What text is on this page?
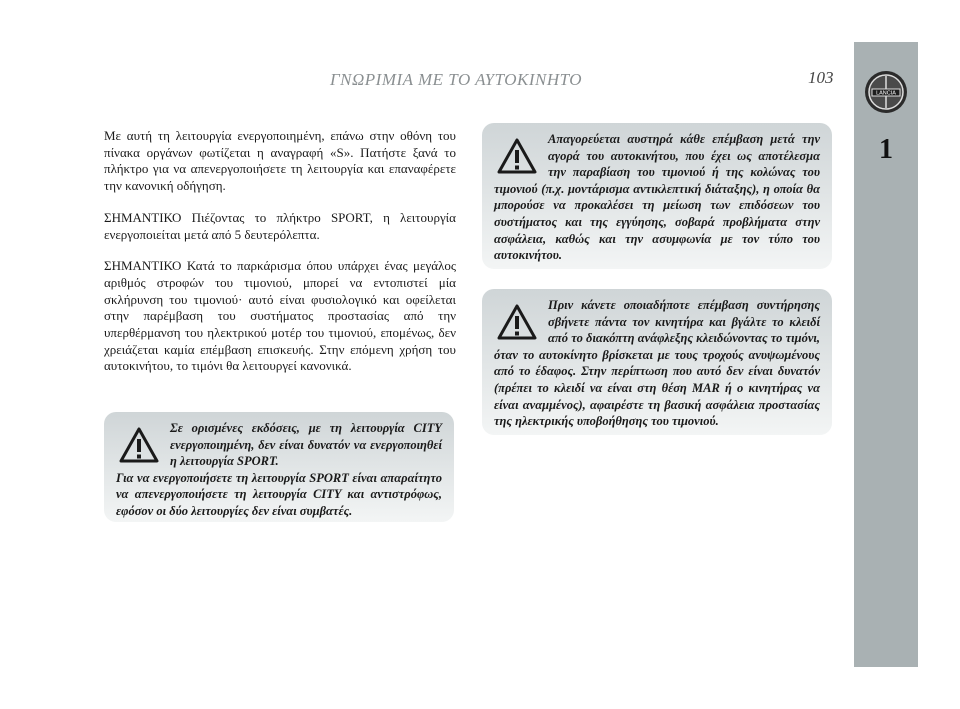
LANCIA
1
ΓΝΩΡΙΜΙΑ ΜΕ ΤΟ ΑΥΤΟΚΙΝΗΤΟ	103

Με αυτή τη λειτουργία ενεργοποιημένη, επάνω στην οθόνη του πίνακα οργάνων φωτίζεται η αναγραφή «S». Πατήστε ξανά το πλήκτρο για να απενεργοποιήσετε τη λειτουργία και επαναφέρετε την κανονική οδήγηση.

ΣΗΜΑΝΤΙΚΟ Πιέζοντας το πλήκτρο SPORT, η λειτουργία ενεργοποιείται μετά από 5 δευτερόλεπτα.

ΣΗΜΑΝΤΙΚΟ Κατά το παρκάρισμα όπου υπάρχει ένας μεγάλος αριθμός στροφών του τιμονιού, μπορεί να εντοπιστεί μία σκλήρυνση του τιμονιού· αυτό είναι φυσιολογικό και οφείλεται στην παρέμβαση του συστήματος προστασίας από την υπερθέρμανση του ηλεκτρικού μοτέρ του τιμονιού, επομένως, δεν χρειάζεται καμία επέμβαση επισκευής. Στην επόμενη χρήση του αυτοκινήτου, το τιμόνι θα λειτουργεί κανονικά.

Σε ορισμένες εκδόσεις, με τη λειτουργία CITY ενεργοποιημένη, δεν είναι δυνατόν να ενεργοποιηθεί η λειτουργία SPORT.

Για να ενεργοποιήσετε τη λειτουργία SPORT είναι απαραίτητο να απενεργοποιήσετε τη λειτουργία CITY και αντιστρόφως, εφόσον οι δύο λειτουργίες δεν είναι συμβατές.

Απαγορεύεται αυστηρά κάθε επέμβαση μετά την αγορά του αυτοκινήτου, που έχει ως αποτέλεσμα την παραβίαση του τιμονιού ή της κολώνας του τιμονιού (π.χ. μοντάρισμα αντικλεπτική διάταξης), η οποία θα μπορούσε να προκαλέσει τη μείωση των επιδόσεων του συστήματος και της εγγύησης, σοβαρά προβλήματα στην ασφάλεια, καθώς και την ασυμφωνία με τον τύπο του αυτοκινήτου.

Πριν κάνετε οποιαδήποτε επέμβαση συντήρησης σβήνετε πάντα τον κινητήρα και βγάλτε το κλειδί από το διακόπτη ανάφλεξης κλειδώνοντας το τιμόνι, όταν το αυτοκίνητο βρίσκεται με τους τροχούς ανυψωμένους από το έδαφος. Στην περίπτωση που αυτό δεν είναι δυνατόν (πρέπει το κλειδί να είναι στη θέση MAR ή ο κινητήρας να είναι αναμμένος), αφαιρέστε τη βασική ασφάλεια προστασίας της ηλεκτρικής υποβοήθησης του τιμονιού.
